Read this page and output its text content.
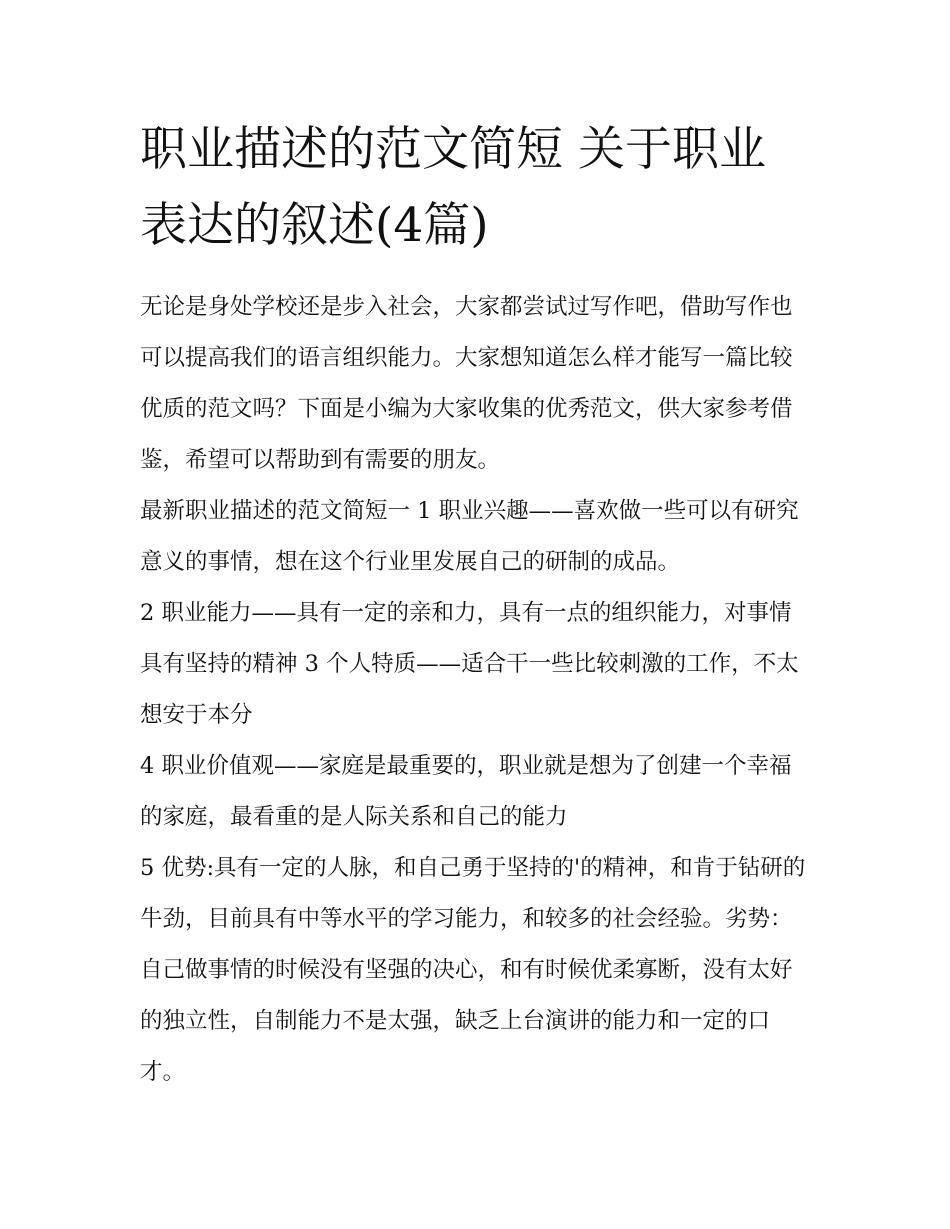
职业描述的范文简短 关于职业表达的叙述(4篇)

无论是身处学校还是步入社会，大家都尝试过写作吧，借助写作也可以提高我们的语言组织能力。大家想知道怎么样才能写一篇比较优质的范文吗？下面是小编为大家收集的优秀范文，供大家参考借鉴，希望可以帮助到有需要的朋友。

最新职业描述的范文简短一 1 职业兴趣——喜欢做一些可以有研究意义的事情，想在这个行业里发展自己的研制的成品。

2 职业能力——具有一定的亲和力，具有一点的组织能力，对事情具有坚持的精神 3 个人特质——适合干一些比较刺激的工作，不太想安于本分

4 职业价值观——家庭是最重要的，职业就是想为了创建一个幸福的家庭，最看重的是人际关系和自己的能力

5 优势:具有一定的人脉，和自己勇于坚持的'的精神，和肯于钻研的牛劲，目前具有中等水平的学习能力，和较多的社会经验。劣势：自己做事情的时候没有坚强的决心，和有时候优柔寡断，没有太好的独立性，自制能力不是太强，缺乏上台演讲的能力和一定的口才。
